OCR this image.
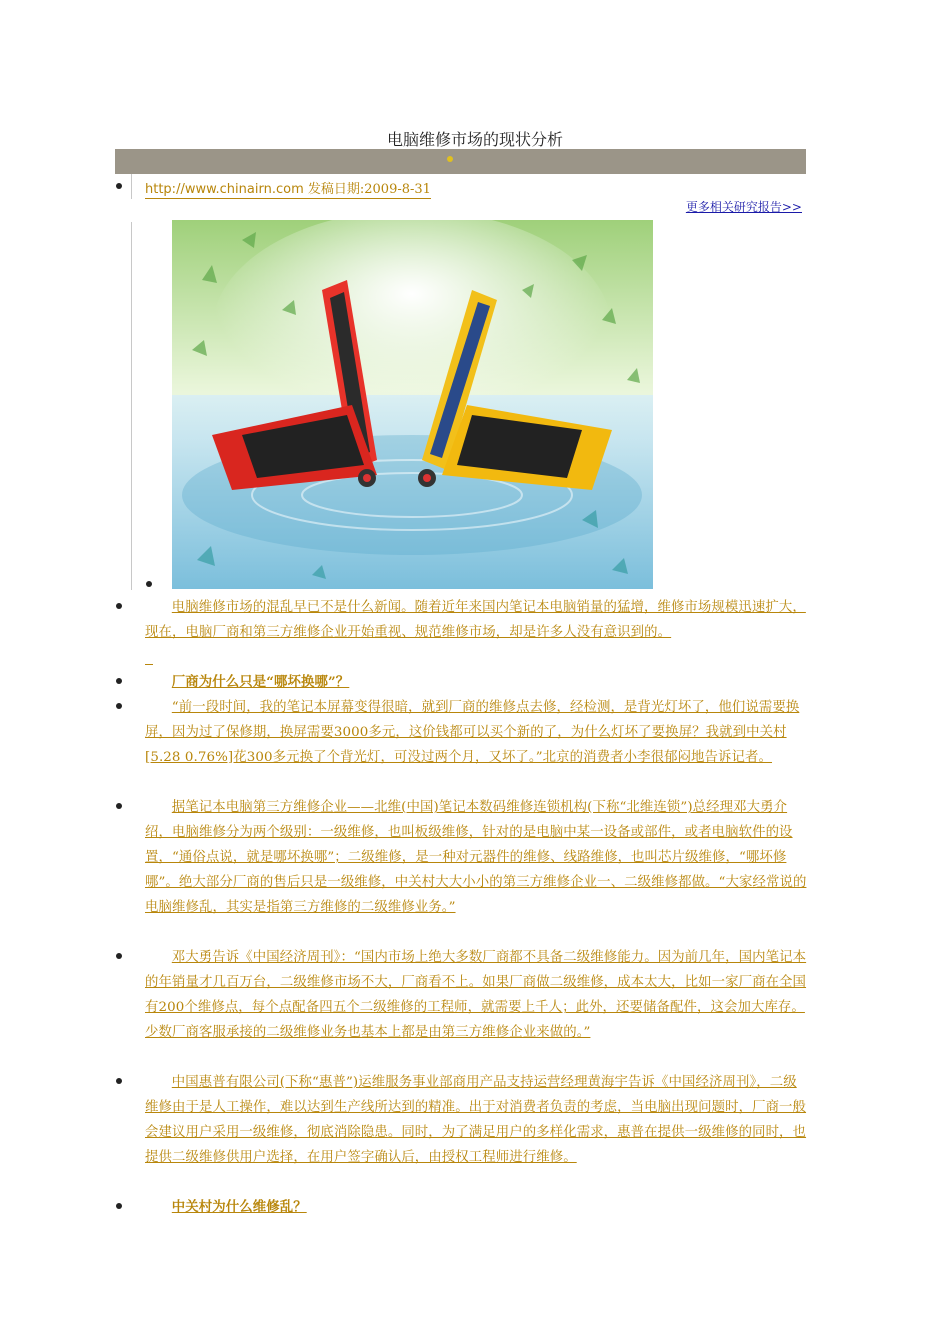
电脑维修市场的现状分析
http://www.chinairn.com 发稿日期:2009-8-31
更多相关研究报告>>
电脑维修市场的混乱早已不是什么新闻。随着近年来国内笔记本电脑销量的猛增，维修市场规模迅速扩大，现在，电脑厂商和第三方维修企业开始重视、规范维修市场，却是许多人没有意识到的。
厂商为什么只是“哪坏换哪”？
“前一段时间，我的笔记本屏幕变得很暗，就到厂商的维修点去修，经检测，是背光灯坏了，他们说需要换屏，因为过了保修期，换屏需要3000多元，这价钱都可以买个新的了，为什么灯坏了要换屏？我就到中关村[5.28 0.76%]花300多元换了个背光灯，可没过两个月，又坏了。”北京的消费者小李很郁闷地告诉记者。
据笔记本电脑第三方维修企业——北维(中国)笔记本数码维修连锁机构(下称“北维连锁”)总经理邓大勇介绍，电脑维修分为两个级别：一级维修，也叫板级维修，针对的是电脑中某一设备或部件，或者电脑软件的设置，“通俗点说，就是哪坏换哪”；二级维修，是一种对元器件的维修、线路维修，也叫芯片级维修，“哪坏修哪”。绝大部分厂商的售后只是一级维修，中关村大大小小的第三方维修企业一、二级维修都做。“大家经常说的电脑维修乱，其实是指第三方维修的二级维修业务。”
邓大勇告诉《中国经济周刊》：“国内市场上绝大多数厂商都不具备二级维修能力。因为前几年，国内笔记本的年销量才几百万台，二级维修市场不大，厂商看不上。如果厂商做二级维修，成本太大，比如一家厂商在全国有200个维修点，每个点配备四五个二级维修的工程师，就需要上千人；此外，还要储备配件，这会加大库存。少数厂商客服承接的二级维修业务也基本上都是由第三方维修企业来做的。”
中国惠普有限公司(下称“惠普”)运维服务事业部商用产品支持运营经理黄海宇告诉《中国经济周刊》，二级维修由于是人工操作，难以达到生产线所达到的精准。出于对消费者负责的考虑，当电脑出现问题时，厂商一般会建议用户采用一级维修，彻底消除隐患。同时，为了满足用户的多样化需求，惠普在提供一级维修的同时，也提供二级维修供用户选择，在用户签字确认后，由授权工程师进行维修。
中关村为什么维修乱？
